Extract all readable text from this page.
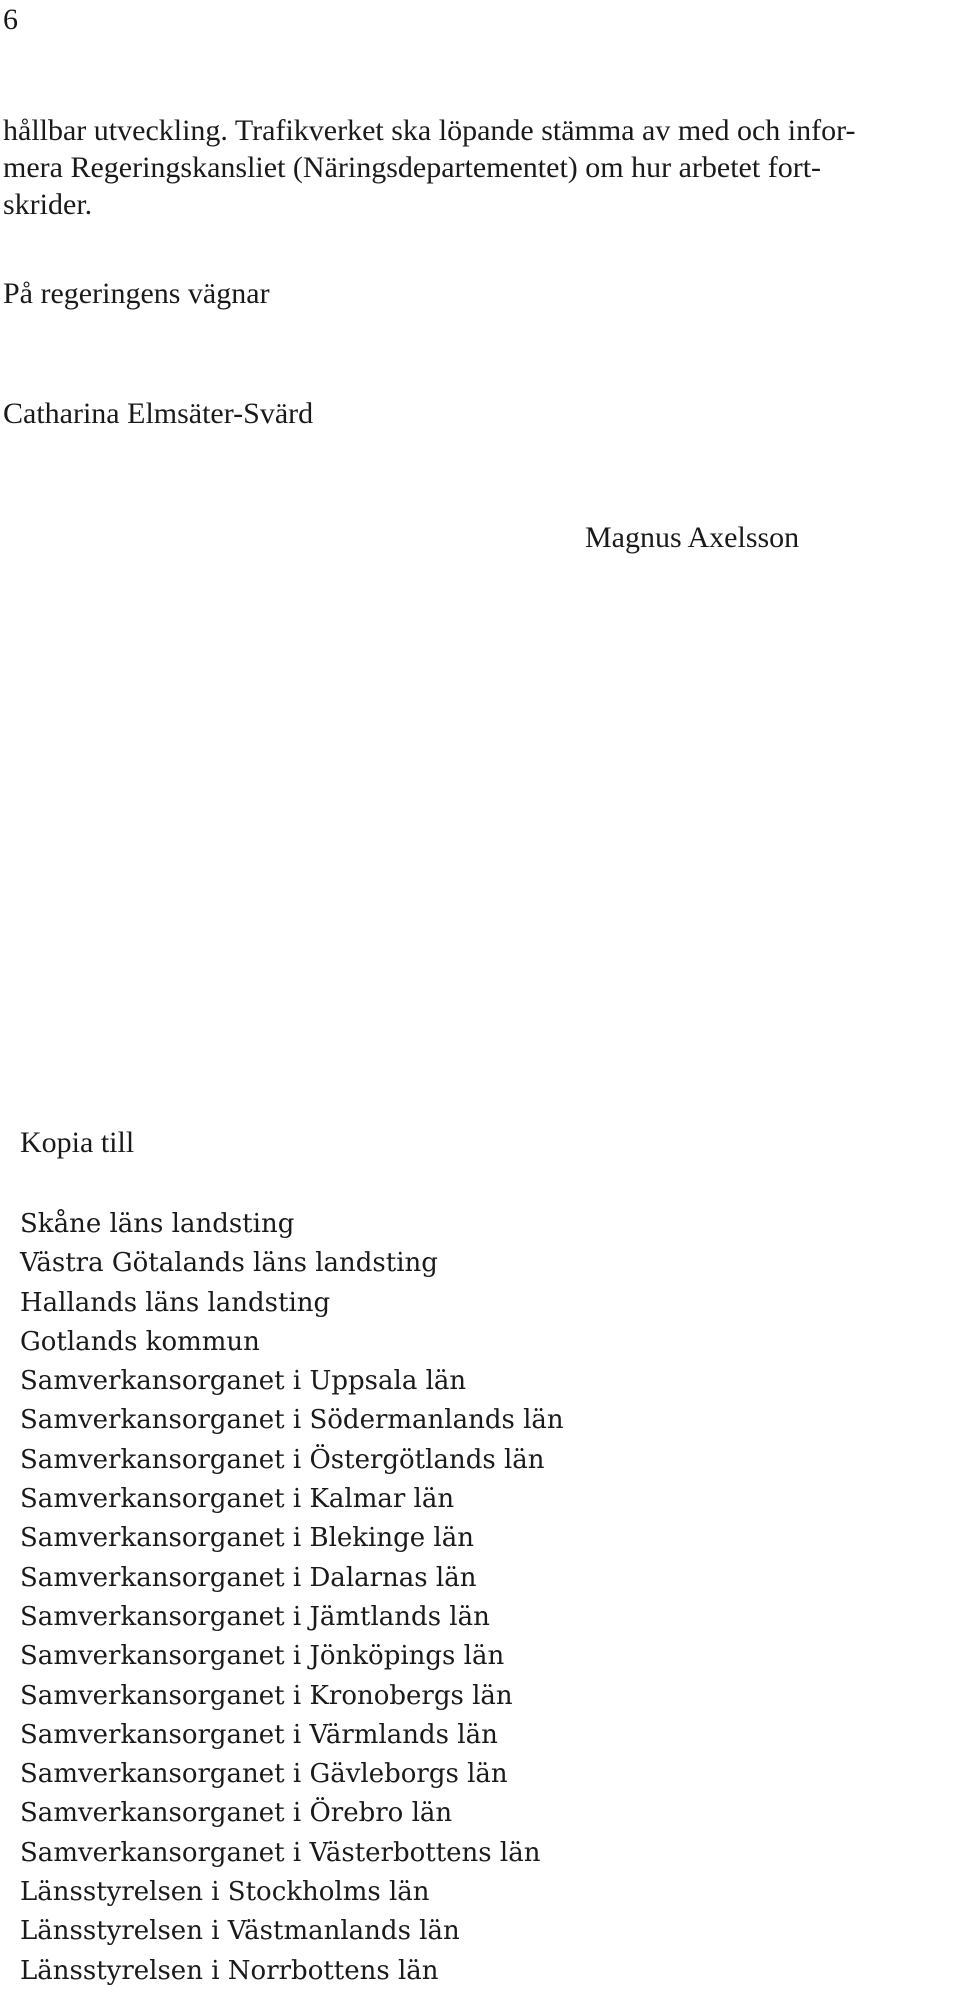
6

hållbar utveckling. Trafikverket ska löpande stämma av med och infor-
mera Regeringskansliet (Näringsdepartementet) om hur arbetet fort-
skrider.

På regeringens vägnar
Catharina Elmsäter-Svärd
Magnus Axelsson
Kopia till
Skåne läns landsting
Västra Götalands läns landsting
Hallands läns landsting
Gotlands kommun
Samverkansorganet i Uppsala län
Samverkansorganet i Södermanlands län
Samverkansorganet i Östergötlands län
Samverkansorganet i Kalmar län
Samverkansorganet i Blekinge län
Samverkansorganet i Dalarnas län
Samverkansorganet i Jämtlands län
Samverkansorganet i Jönköpings län
Samverkansorganet i Kronobergs län
Samverkansorganet i Värmlands län
Samverkansorganet i Gävleborgs län
Samverkansorganet i Örebro län
Samverkansorganet i Västerbottens län
Länsstyrelsen i Stockholms län
Länsstyrelsen i Västmanlands län
Länsstyrelsen i Norrbottens län
